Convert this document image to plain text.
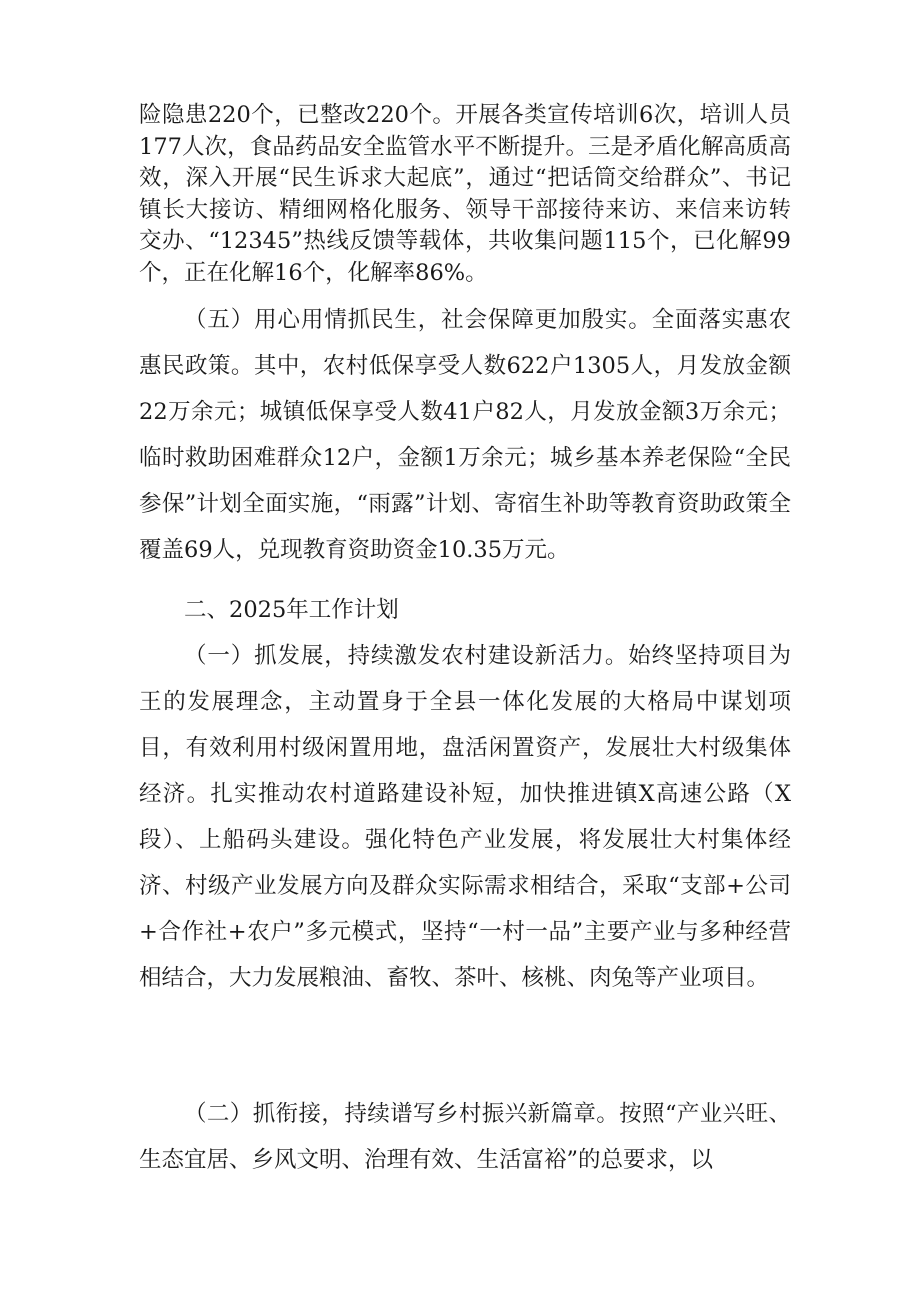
险隐患220个，已整改220个。开展各类宣传培训6次，培训人员177人次，食品药品安全监管水平不断提升。三是矛盾化解高质高效，深入开展“民生诉求大起底”，通过“把话筒交给群众”、书记镇长大接访、精细网格化服务、领导干部接待来访、来信来访转交办、“12345”热线反馈等载体，共收集问题115个，已化解99个，正在化解16个，化解率86%。

（五）用心用情抓民生，社会保障更加殷实。全面落实惠农惠民政策。其中，农村低保享受人数622户1305人，月发放金额22万余元；城镇低保享受人数41户82人，月发放金额3万余元；临时救助困难群众12户，金额1万余元；城乡基本养老保险“全民参保”计划全面实施，“雨露”计划、寄宿生补助等教育资助政策全覆盖69人，兑现教育资助资金10.35万元。

二、2025年工作计划

（一）抓发展，持续激发农村建设新活力。始终坚持项目为王的发展理念，主动置身于全县一体化发展的大格局中谋划项目，有效利用村级闲置用地，盘活闲置资产，发展壮大村级集体经济。扎实推动农村道路建设补短，加快推进镇X高速公路（X段）、上船码头建设。强化特色产业发展，将发展壮大村集体经济、村级产业发展方向及群众实际需求相结合，采取“支部+公司+合作社+农户”多元模式，坚持“一村一品”主要产业与多种经营相结合，大力发展粮油、畜牧、茶叶、核桃、肉兔等产业项目。

（二）抓衔接，持续谱写乡村振兴新篇章。按照“产业兴旺、生态宜居、乡风文明、治理有效、生活富裕”的总要求，以
